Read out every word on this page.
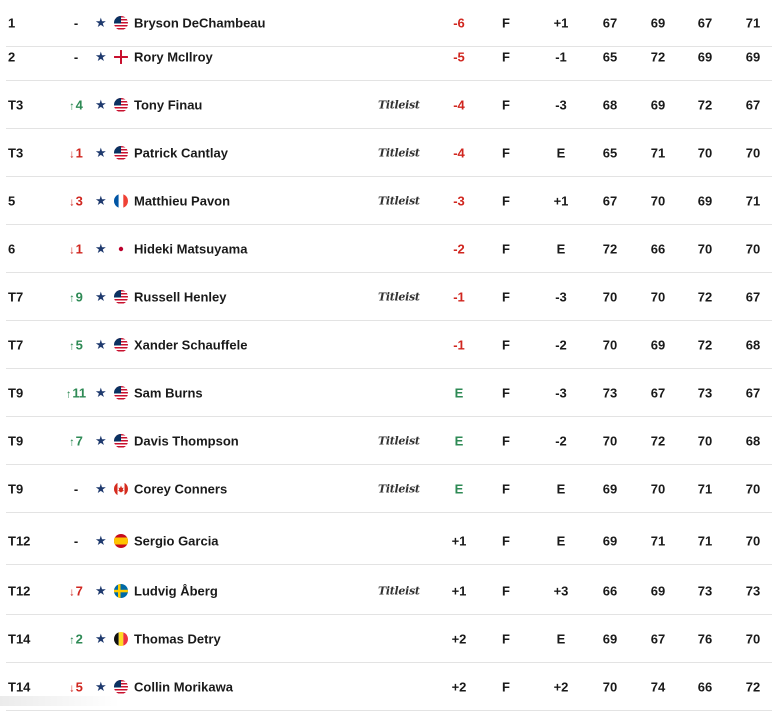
1	-	★ Bryson DeChambeau	-6	F	+1	67	69	67	71
2	-	★ Rory McIlroy	-5	F	-1	65	72	69	69
T3	↑4 ★ Tony Finau	Titleist	-4	F	-3	68	69	72	67
T3	↓1 ★ Patrick Cantlay	Titleist	-4	F	E	65	71	70	70
5	↓3 ★ Matthieu Pavon	Titleist	-3	F	+1	67	70	69	71
6	↓1 ★ Hideki Matsuyama	-2	F	E	72	66	70	70
T7	↑9 ★ Russell Henley	Titleist	-1	F	-3	70	70	72	67
T7	↑5 ★ Xander Schauffele	-1	F	-2	70	69	72	68
T9	↑11 ★ Sam Burns	E	F	-3	73	67	73	67
T9	↑7 ★ Davis Thompson	Titleist	E	F	-2	70	72	70	68
T9	-	★ Corey Conners	Titleist	E	F	E	69	70	71	70
T12	-	★ Sergio Garcia	+1	F	E	69	71	71	70
T12	↓7 ★ Ludvig Åberg	Titleist	+1	F	+3	66	69	73	73
T14	↑2 ★ Thomas Detry	+2	F	E	69	67	76	70
T14	↓5 ★ Collin Morikawa	+2	F	+2	70	74	66	72
